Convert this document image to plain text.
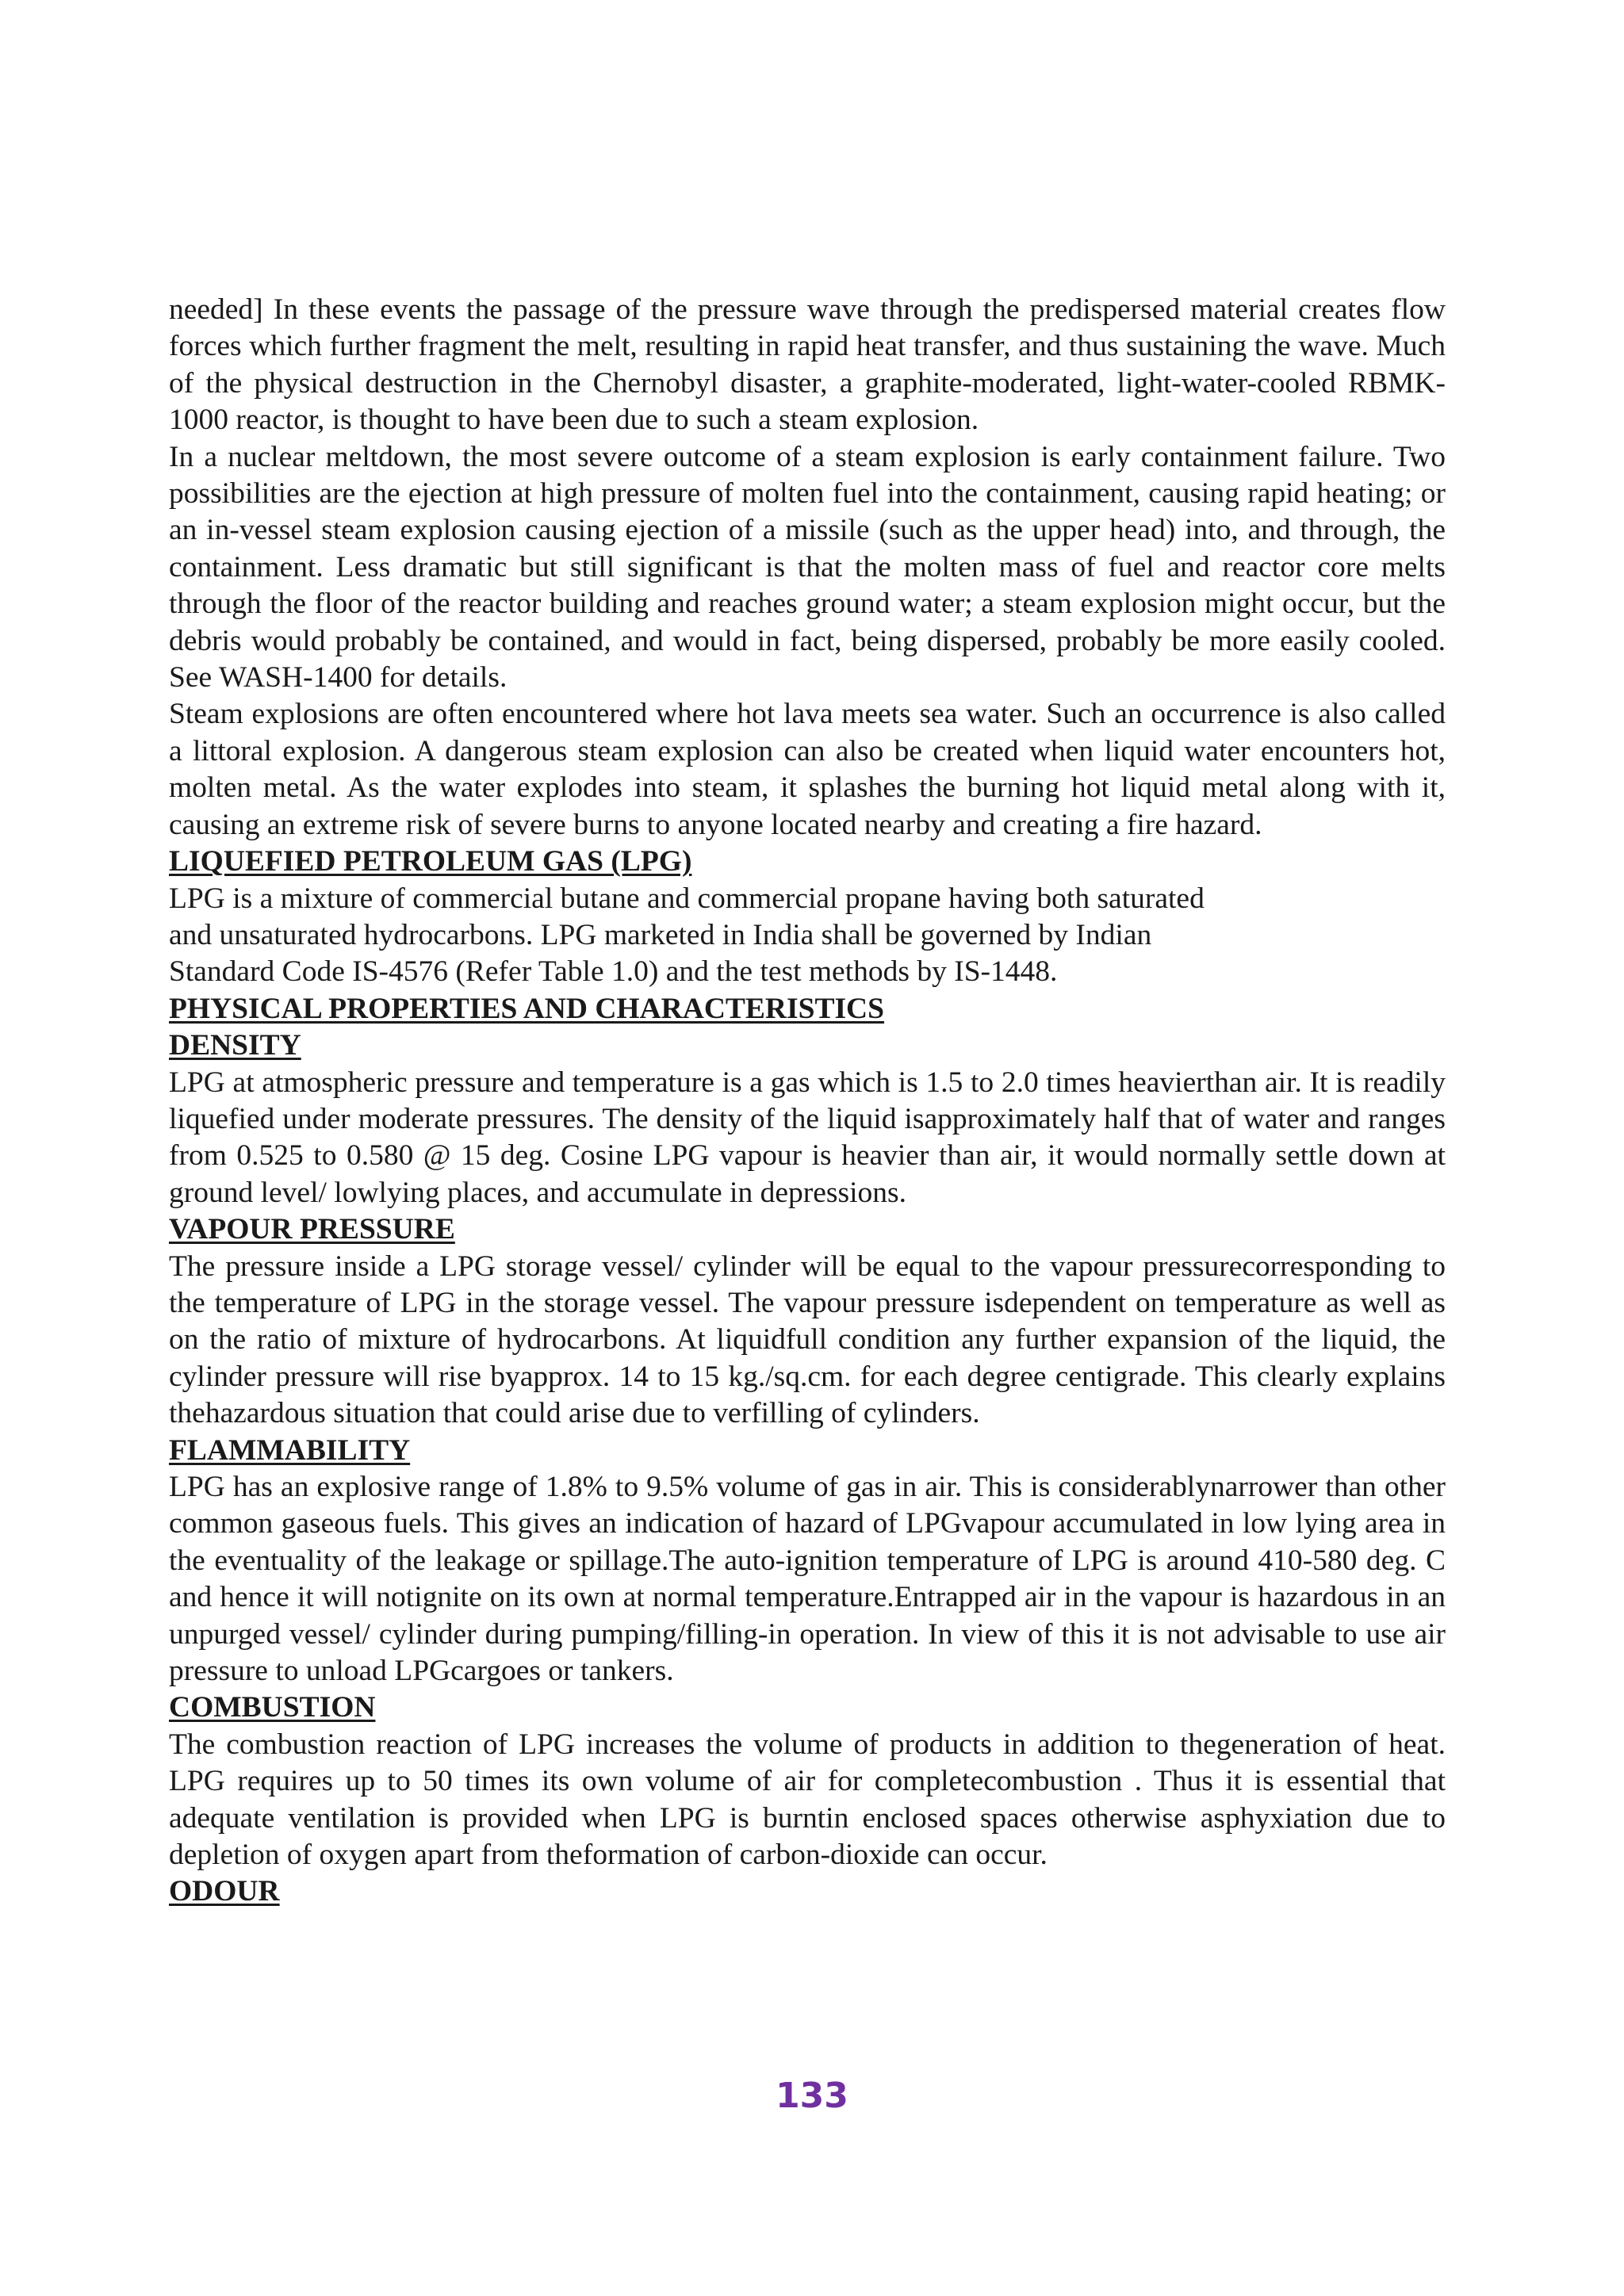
needed] In these events the passage of the pressure wave through the predispersed material creates flow forces which further fragment the melt, resulting in rapid heat transfer, and thus sustaining the wave. Much of the physical destruction in the Chernobyl disaster, a graphite-moderated, light-water-cooled RBMK-1000 reactor, is thought to have been due to such a steam explosion.

In a nuclear meltdown, the most severe outcome of a steam explosion is early containment failure. Two possibilities are the ejection at high pressure of molten fuel into the containment, causing rapid heating; or an in-vessel steam explosion causing ejection of a missile (such as the upper head) into, and through, the containment. Less dramatic but still significant is that the molten mass of fuel and reactor core melts through the floor of the reactor building and reaches ground water; a steam explosion might occur, but the debris would probably be contained, and would in fact, being dispersed, probably be more easily cooled. See WASH-1400 for details.

Steam explosions are often encountered where hot lava meets sea water. Such an occurrence is also called a littoral explosion. A dangerous steam explosion can also be created when liquid water encounters hot, molten metal. As the water explodes into steam, it splashes the burning hot liquid metal along with it, causing an extreme risk of severe burns to anyone located nearby and creating a fire hazard.

LIQUEFIED PETROLEUM GAS (LPG)

LPG is a mixture of commercial butane and commercial propane having both saturated

and unsaturated hydrocarbons. LPG marketed in India shall be governed by Indian

Standard Code IS-4576 (Refer Table 1.0) and the test methods by IS-1448.

PHYSICAL PROPERTIES AND CHARACTERISTICS

DENSITY

LPG at atmospheric pressure and temperature is a gas which is 1.5 to 2.0 times heavierthan air. It is readily liquefied under moderate pressures. The density of the liquid isapproximately half that of water and ranges from 0.525 to 0.580 @ 15 deg. Cosine LPG vapour is heavier than air, it would normally settle down at ground level/ lowlying places, and accumulate in depressions.

VAPOUR PRESSURE

The pressure inside a LPG storage vessel/ cylinder will be equal to the vapour pressurecorresponding to the temperature of LPG in the storage vessel. The vapour pressure isdependent on temperature as well as on the ratio of mixture of hydrocarbons. At liquidfull condition any further expansion of the liquid, the cylinder pressure will rise byapprox. 14 to 15 kg./sq.cm. for each degree centigrade. This clearly explains thehazardous situation that could arise due to verfilling of cylinders.

FLAMMABILITY

LPG has an explosive range of 1.8% to 9.5% volume of gas in air. This is considerablynarrower than other common gaseous fuels. This gives an indication of hazard of LPGvapour accumulated in low lying area in the eventuality of the leakage or spillage.The auto-ignition temperature of LPG is around 410-580 deg. C and hence it will notignite on its own at normal temperature.Entrapped air in the vapour is hazardous in an unpurged vessel/ cylinder during pumping/filling-in operation. In view of this it is not advisable to use air pressure to unload LPGcargoes or tankers.

COMBUSTION

The combustion reaction of LPG increases the volume of products in addition to thegeneration of heat. LPG requires up to 50 times its own volume of air for completecombustion . Thus it is essential that adequate ventilation is provided when LPG is burntin enclosed spaces otherwise asphyxiation due to depletion of oxygen apart from theformation of carbon-dioxide can occur.

ODOUR

133
